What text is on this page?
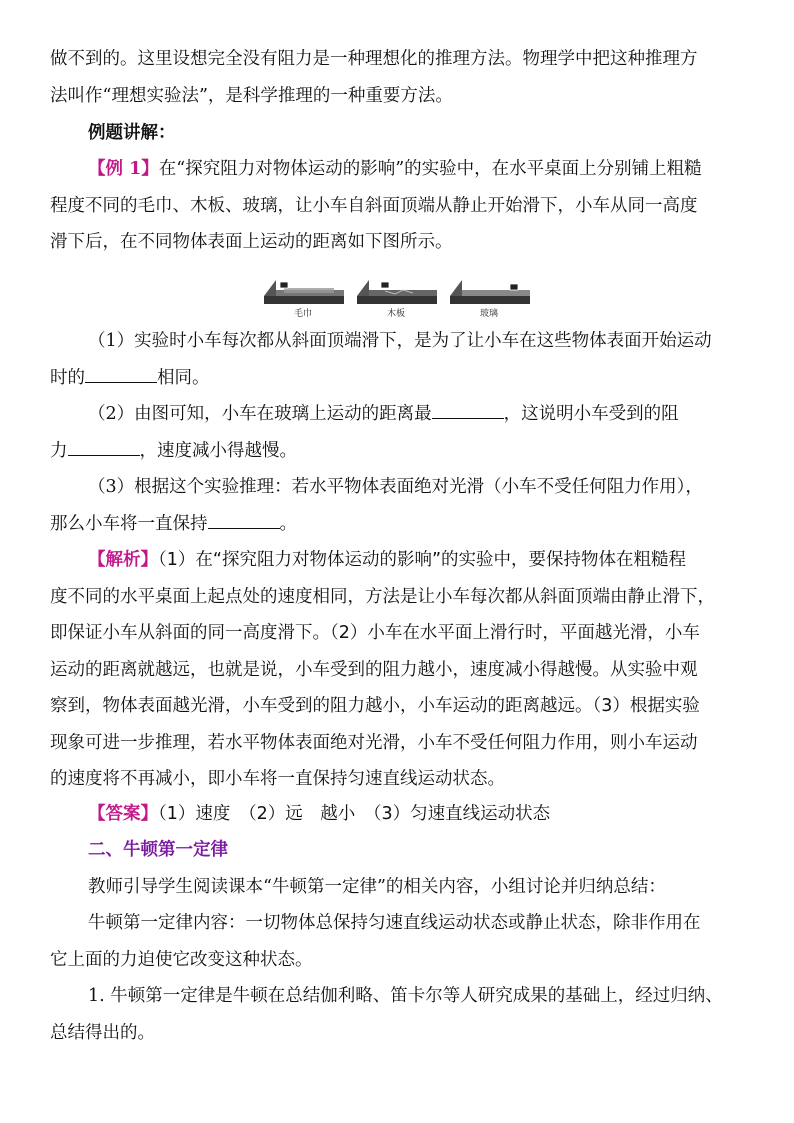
做不到的。这里设想完全没有阻力是一种理想化的推理方法。物理学中把这种推理方
法叫作“理想实验法”，是科学推理的一种重要方法。
例题讲解：
【例 1】在“探究阻力对物体运动的影响”的实验中，在水平桌面上分别铺上粗糙
程度不同的毛巾、木板、玻璃，让小车自斜面顶端从静止开始滑下，小车从同一高度
滑下后，在不同物体表面上运动的距离如下图所示。
毛巾	木板	玻璃
（1）实验时小车每次都从斜面顶端滑下，是为了让小车在这些物体表面开始运动
时的	相同。
（2）由图可知，小车在玻璃上运动的距离最	，这说明小车受到的阻
力	，速度减小得越慢。
（3）根据这个实验推理：若水平物体表面绝对光滑（小车不受任何阻力作用），
那么小车将一直保持	。
【解析】（1）在“探究阻力对物体运动的影响”的实验中，要保持物体在粗糙程
度不同的水平桌面上起点处的速度相同，方法是让小车每次都从斜面顶端由静止滑下，
即保证小车从斜面的同一高度滑下。（2）小车在水平面上滑行时，平面越光滑，小车
运动的距离就越远，也就是说，小车受到的阻力越小，速度减小得越慢。从实验中观
察到，物体表面越光滑，小车受到的阻力越小，小车运动的距离越远。（3）根据实验
现象可进一步推理，若水平物体表面绝对光滑，小车不受任何阻力作用，则小车运动
的速度将不再减小，即小车将一直保持匀速直线运动状态。
【答案】（1）速度　（2）远　越小　（3）匀速直线运动状态
二、牛顿第一定律
教师引导学生阅读课本“牛顿第一定律”的相关内容，小组讨论并归纳总结：
牛顿第一定律内容：一切物体总保持匀速直线运动状态或静止状态，除非作用在
它上面的力迫使它改变这种状态。
1. 牛顿第一定律是牛顿在总结伽利略、笛卡尔等人研究成果的基础上，经过归纳、
总结得出的。
